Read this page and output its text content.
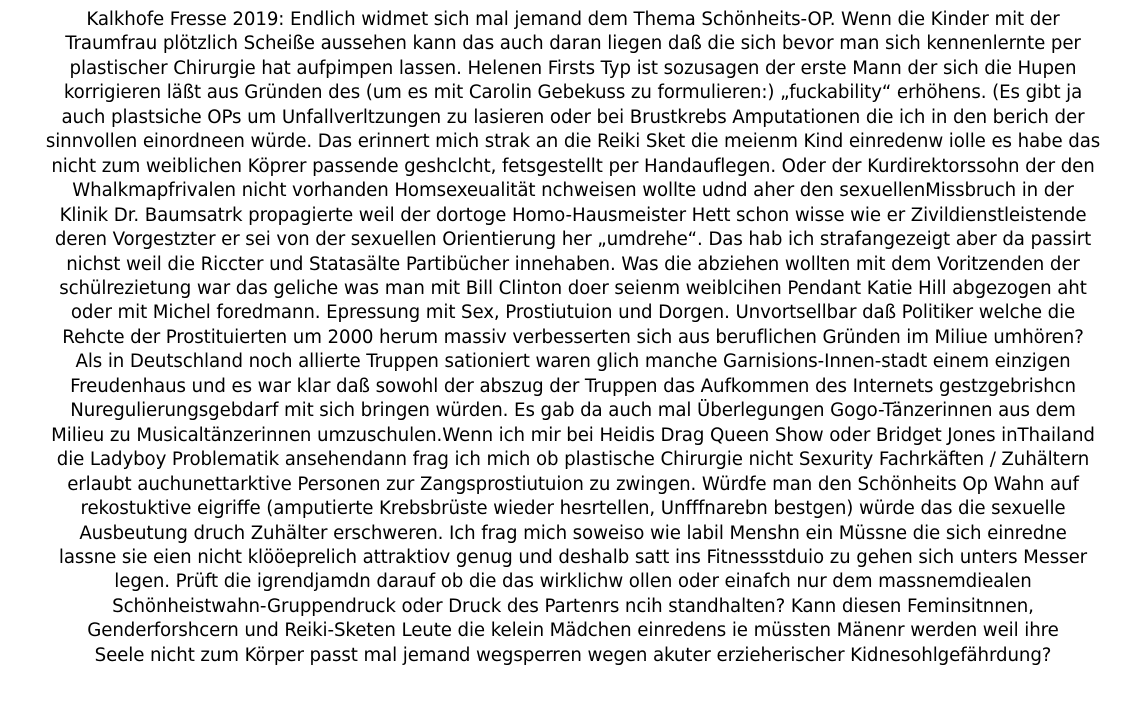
Kalkhofe Fresse 2019: Endlich widmet sich mal jemand dem Thema Schönheits-OP. Wenn die Kinder mit der
Traumfrau plötzlich Scheiße aussehen kann das auch daran liegen daß die sich bevor man sich kennenlernte per
plastischer Chirurgie hat aufpimpen lassen. Helenen Firsts Typ ist sozusagen der erste Mann der sich die Hupen
korrigieren läßt aus Gründen des (um es mit Carolin Gebekuss zu formulieren:) „fuckability“ erhöhens. (Es gibt ja
auch plastsiche OPs um Unfallverltzungen zu lasieren oder bei Brustkrebs Amputationen die ich in den berich der
sinnvollen einordneen würde. Das erinnert mich strak an die Reiki Sket die meienm Kind einredenw iolle es habe das
nicht zum weiblichen Köprer passende geshclcht, fetsgestellt per Handauflegen. Oder der Kurdirektorssohn der den
Whalkmapfrivalen nicht vorhanden Homsexeualität nchweisen wollte udnd aher den sexuellenMissbruch in der
Klinik Dr. Baumsatrk propagierte weil der dortoge Homo-Hausmeister Hett schon wisse wie er Zivildienstleistende
deren Vorgestzter er sei von der sexuellen Orientierung her „umdrehe“. Das hab ich strafangezeigt aber da passirt
nichst weil die Riccter und Statasälte Partibücher innehaben. Was die abziehen wollten mit dem Voritzenden der
schülrezietung war das geliche was man mit Bill Clinton doer seienm weiblcihen Pendant Katie Hill abgezogen aht
oder mit Michel foredmann. Epressung mit Sex, Prostiutuion und Dorgen. Unvortsellbar daß Politiker welche die
Rehcte der Prostituierten um 2000 herum massiv verbesserten sich aus beruflichen Gründen im Miliue umhören?
Als in Deutschland noch allierte Truppen sationiert waren glich manche Garnisions-Innen-stadt einem einzigen
Freudenhaus und es war klar daß sowohl der abszug der Truppen das Aufkommen des Internets gestzgebrishcn
Nuregulierungsgebdarf mit sich bringen würden. Es gab da auch mal Überlegungen Gogo-Tänzerinnen aus dem
Milieu zu Musicaltänzerinnen umzuschulen.Wenn ich mir bei Heidis Drag Queen Show oder Bridget Jones inThailand
die Ladyboy Problematik ansehendann frag ich mich ob plastische Chirurgie nicht Sexurity Fachrkäften / Zuhältern
erlaubt auchunettarktive Personen zur Zangsprostiutuion zu zwingen. Würdfe man den Schönheits Op Wahn auf
rekostuktive eigriffe (amputierte Krebsbrüste wieder hesrtellen, Unfffnarebn bestgen) würde das die sexuelle
Ausbeutung druch Zuhälter erschweren. Ich frag mich soweiso wie labil Menshn ein Müssne die sich einredne
lassne sie eien nicht klööeprelich attraktiov genug und deshalb satt ins Fitnessstduio zu gehen sich unters Messer
legen. Prüft die igrendjamdn darauf ob die das wirklichw ollen oder einafch nur dem massnemdiealen
Schönheistwahn-Gruppendruck oder Druck des Partenrs ncih standhalten? Kann diesen Feminsitnnen,
Genderforshcern und Reiki-Sketen Leute die kelein Mädchen einredens ie müssten Mänenr werden weil ihre
Seele nicht zum Körper passt mal jemand wegsperren wegen akuter erzieherischer Kidnesohlgefährdung?
